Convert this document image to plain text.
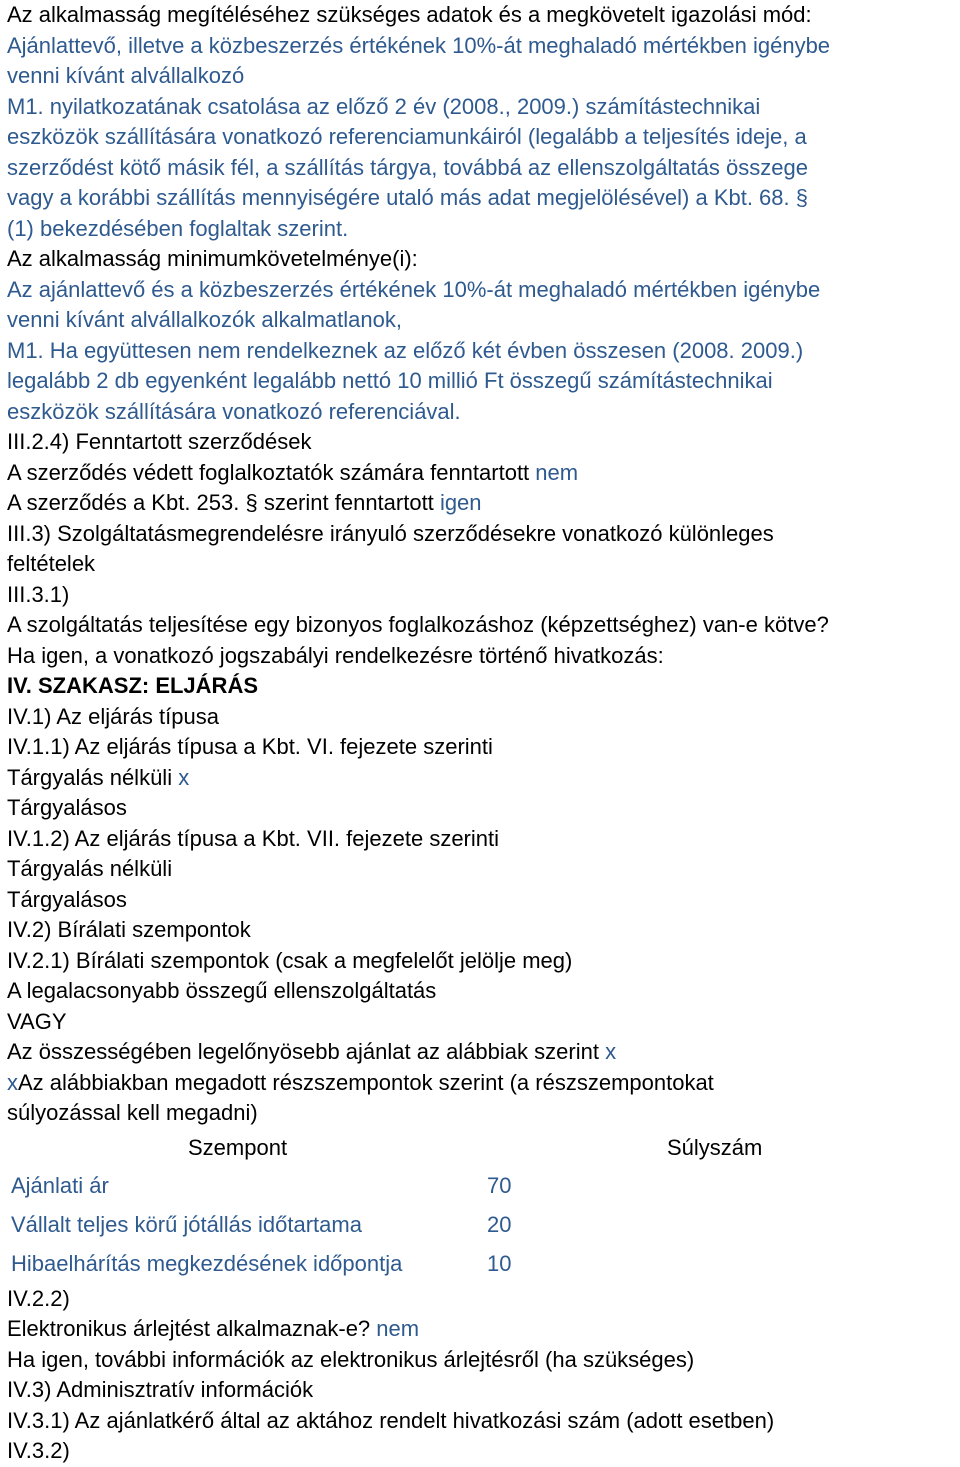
Az alkalmasság megítéléséhez szükséges adatok és a megkövetelt igazolási mód:

Ajánlattevő, illetve a közbeszerzés értékének 10%-át meghaladó mértékben igénybe

venni kívánt alvállalkozó

M1. nyilatkozatának csatolása az előző 2 év (2008., 2009.) számítástechnikai

eszközök szállítására vonatkozó referenciamunkáiról (legalább a teljesítés ideje, a

szerződést kötő másik fél, a szállítás tárgya, továbbá az ellenszolgáltatás összege

vagy a korábbi szállítás mennyiségére utaló más adat megjelölésével) a Kbt. 68. §

(1) bekezdésében foglaltak szerint.

Az alkalmasság minimumkövetelménye(i):

Az ajánlattevő és a közbeszerzés értékének 10%-át meghaladó mértékben igénybe

venni kívánt alvállalkozók alkalmatlanok,

M1. Ha együttesen nem rendelkeznek az előző két évben összesen (2008. 2009.)

legalább 2 db egyenként legalább nettó 10 millió Ft összegű számítástechnikai

eszközök szállítására vonatkozó referenciával.

III.2.4) Fenntartott szerződések

A szerződés védett foglalkoztatók számára fenntartott nem

A szerződés a Kbt. 253. § szerint fenntartott igen

III.3) Szolgáltatásmegrendelésre irányuló szerződésekre vonatkozó különleges

feltételek

III.3.1)

A szolgáltatás teljesítése egy bizonyos foglalkozáshoz (képzettséghez) van-e kötve?

Ha igen, a vonatkozó jogszabályi rendelkezésre történő hivatkozás:

IV. SZAKASZ: ELJÁRÁS

IV.1) Az eljárás típusa

IV.1.1) Az eljárás típusa a Kbt. VI. fejezete szerinti

Tárgyalás nélküli x

Tárgyalásos

IV.1.2) Az eljárás típusa a Kbt. VII. fejezete szerinti

Tárgyalás nélküli

Tárgyalásos

IV.2) Bírálati szempontok

IV.2.1) Bírálati szempontok (csak a megfelelőt jelölje meg)

A legalacsonyabb összegű ellenszolgáltatás

VAGY

Az összességében legelőnyösebb ajánlat az alábbiak szerint x

xAz alábbiakban megadott részszempontok szerint (a részszempontokat

súlyozással kell megadni)

Szempont	Súlyszám
Ajánlati ár	70
Vállalt teljes körű jótállás időtartama	20
Hibaelhárítás megkezdésének időpontja	10

IV.2.2)

Elektronikus árlejtést alkalmaznak-e? nem

Ha igen, további információk az elektronikus árlejtésről (ha szükséges)

IV.3) Adminisztratív információk

IV.3.1) Az ajánlatkérő által az aktához rendelt hivatkozási szám (adott esetben)

IV.3.2)
